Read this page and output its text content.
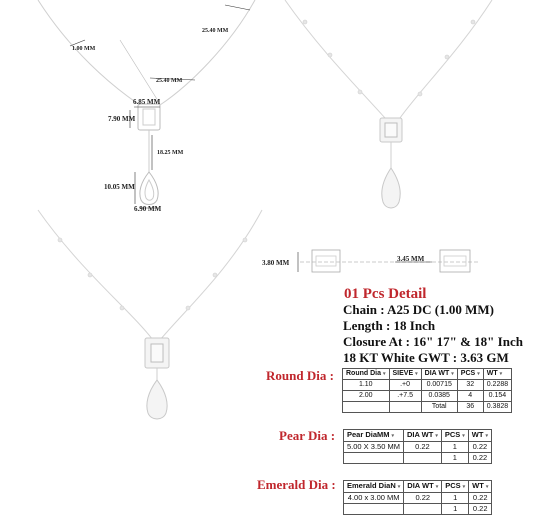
25.40 MM
1.00 MM
25.40 MM
6.85 MM
7.90 MM
18.25 MM
10.05 MM
6.90 MM
3.80 MM	3.45 MM
01 Pcs Detail
Chain : A25 DC (1.00 MM)
Length : 18 Inch
Closure At : 16" 17" & 18" Inch
18 KT White GWT : 3.63 GM
Round Dia : Round Dia ▾	SIEVE ▾	DIA WT ▾	PCS ▾	WT ▾
1.10	.+0	0.00715	32	0.2288
2.00	.+7.5	0.0385	4	0.154
		Total	36	0.3828
Pear Dia : Pear DiaMM ▾	DIA WT ▾	PCS ▾	WT ▾
5.00 X 3.50 MM	0.22	1	0.22
		1	0.22
Emerald Dia : Emerald DiaN ▾	DIA WT ▾	PCS ▾	WT ▾
4.00 x 3.00 MM	0.22	1	0.22
		1	0.22
